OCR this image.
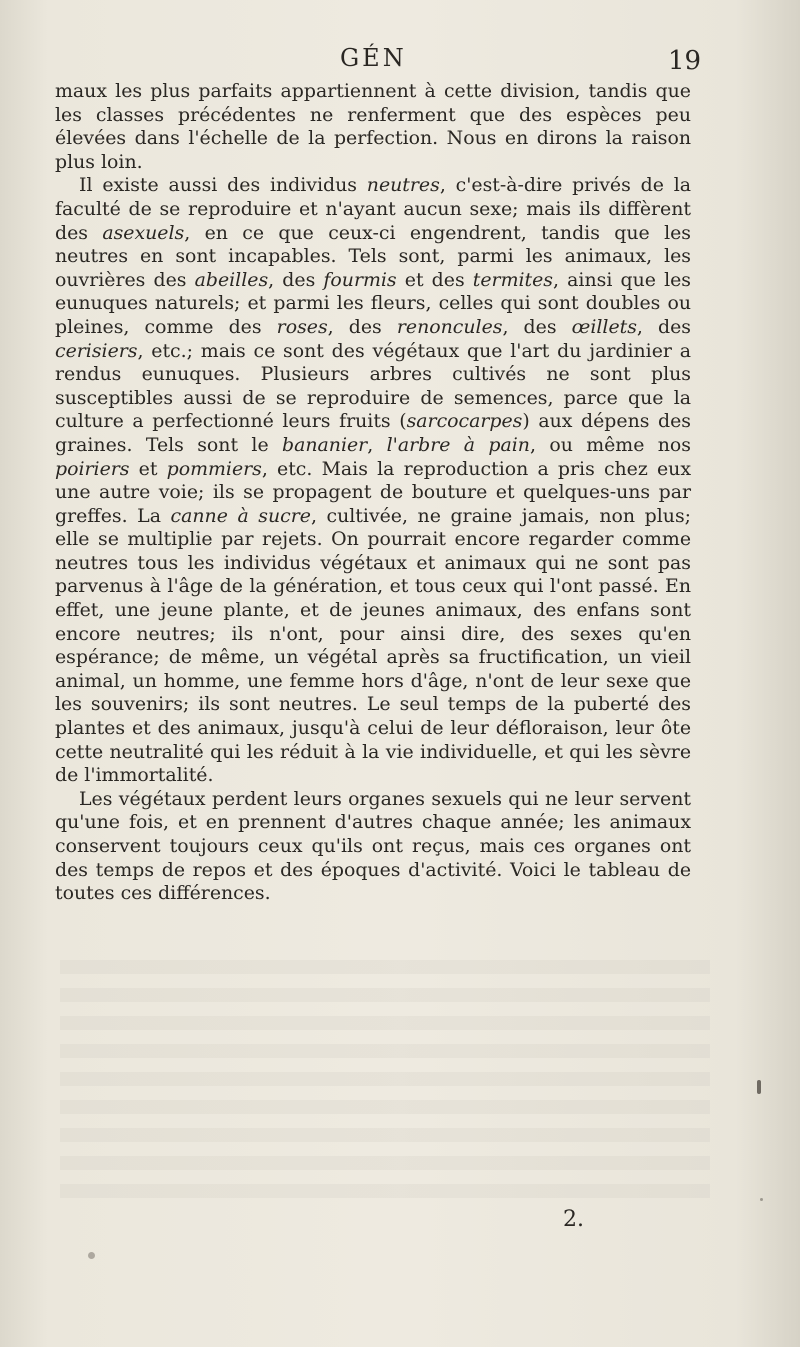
GÉN	19

maux les plus parfaits appartiennent à cette division, tandis que les classes précédentes ne renferment que des espèces peu élevées dans l'échelle de la perfection. Nous en dirons la raison plus loin.

Il existe aussi des individus neutres, c'est-à-dire privés de la faculté de se reproduire et n'ayant aucun sexe; mais ils diffèrent des asexuels, en ce que ceux-ci engendrent, tandis que les neutres en sont incapables. Tels sont, parmi les animaux, les ouvrières des abeilles, des fourmis et des termites, ainsi que les eunuques naturels; et parmi les fleurs, celles qui sont doubles ou pleines, comme des roses, des renoncules, des œillets, des cerisiers, etc.; mais ce sont des végétaux que l'art du jardinier a rendus eunuques. Plusieurs arbres cultivés ne sont plus susceptibles aussi de se reproduire de semences, parce que la culture a perfectionné leurs fruits (sarcocarpes) aux dépens des graines. Tels sont le bananier, l'arbre à pain, ou même nos poiriers et pommiers, etc. Mais la reproduction a pris chez eux une autre voie; ils se propagent de bouture et quelques-uns par greffes. La canne à sucre, cultivée, ne graine jamais, non plus; elle se multiplie par rejets. On pourrait encore regarder comme neutres tous les individus végétaux et animaux qui ne sont pas parvenus à l'âge de la génération, et tous ceux qui l'ont passé. En effet, une jeune plante, et de jeunes animaux, des enfans sont encore neutres; ils n'ont, pour ainsi dire, des sexes qu'en espérance; de même, un végétal après sa fructification, un vieil animal, un homme, une femme hors d'âge, n'ont de leur sexe que les souvenirs; ils sont neutres. Le seul temps de la puberté des plantes et des animaux, jusqu'à celui de leur défloraison, leur ôte cette neutralité qui les réduit à la vie individuelle, et qui les sèvre de l'immortalité.

Les végétaux perdent leurs organes sexuels qui ne leur servent qu'une fois, et en prennent d'autres chaque année; les animaux conservent toujours ceux qu'ils ont reçus, mais ces organes ont des temps de repos et des époques d'activité. Voici le tableau de toutes ces différences.

2.
